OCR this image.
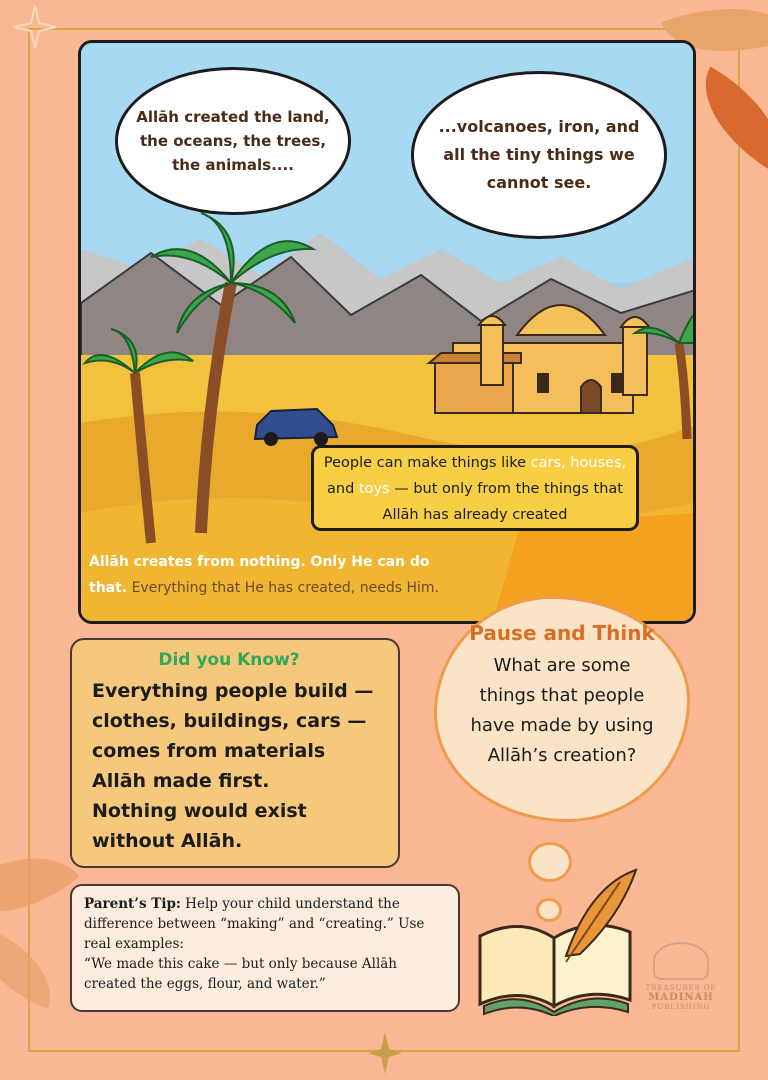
Allāh created the land, the oceans, the trees, the animals....
...volcanoes, iron, and all the tiny things we cannot see.
People can make things like cars, houses, and toys — but only from the things that Allāh has already created
Allāh creates from nothing. Only He can do that. Everything that He has created, needs Him.
Did you Know?
Everything people build — clothes, buildings, cars — comes from materials Allāh made first.
Nothing would exist without Allāh.
Pause and Think
What are some things that people have made by using Allāh’s creation?
Parent’s Tip: Help your child understand the difference between “making” and “creating.” Use real examples:
“We made this cake — but only because Allāh created the eggs, flour, and water.”	TREASURES OF
MADINAH
PUBLISHING
